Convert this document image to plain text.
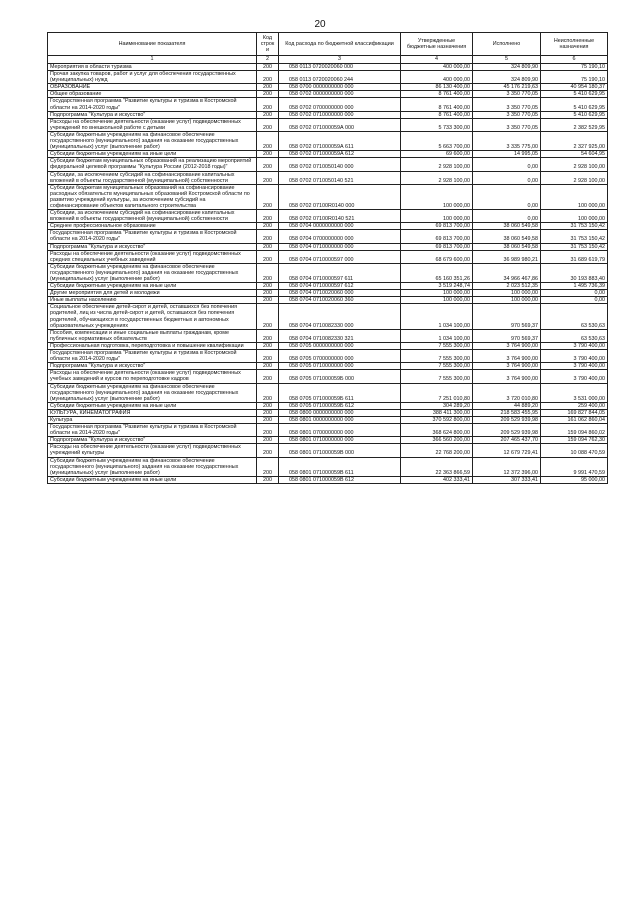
20
Наименование показателя	Код строк и	Код расхода по бюджетной классификации	Утвержденные бюджетные назначения	Исполнено	Неисполненные назначения
1	2	3	4	5	6
Мероприятия в области туризма	200	058 0113 0720020060 000	400 000,00	324 809,90	75 190,10
Прочая закупка товаров, работ и услуг для обеспечения государственных (муниципальных) нужд	200	058 0113 0720020060 244	400 000,00	324 809,90	75 190,10
ОБРАЗОВАНИЕ	200	058 0700 0000000000 000	86 130 400,00	45 176 219,63	40 954 180,37
Общее образование	200	058 0702 0000000000 000	8 761 400,00	3 350 770,05	5 410 629,95
Государственная программа "Развитие культуры и туризма в Костромской области на 2014-2020 годы"	200	058 0702 0700000000 000	8 761 400,00	3 350 770,05	5 410 629,95
Подпрограмма "Культура и искусство"	200	058 0702 0710000000 000	8 761 400,00	3 350 770,05	5 410 629,95
Расходы на обеспечение деятельности (оказание услуг) подведомственных учреждений по внешкольной работе с детьми	200	058 0702 071000059А 000	5 733 300,00	3 350 770,05	2 382 529,95
Субсидии бюджетным учреждениям на финансовое обеспечение государственного (муниципального) задания на оказание государственных (муниципальных) услуг (выполнение работ)	200	058 0702 071000059А 611	5 663 700,00	3 335 775,00	2 327 925,00
Субсидии бюджетным учреждениям на иные цели	200	058 0702 071000059А 612	69 600,00	14 995,05	54 604,95
Субсидии бюджетам муниципальных образований на реализацию мероприятий федеральной целевой программы "Культура России (2012-2018 годы)"	200	058 0702 0710050140 000	2 928 100,00	0,00	2 928 100,00
Субсидии, за исключением субсидий на софинансирование капитальных вложений в объекты государственной (муниципальной) собственности	200	058 0702 0710050140 521	2 928 100,00	0,00	2 928 100,00
Субсидии бюджетам муниципальных образований на софинансирование расходных обязательств муниципальных образований Костромской области по развитию учреждений культуры, за исключением субсидий на софинансирование объектов капитального строительства	200	058 0702 07100R0140 000	100 000,00	0,00	100 000,00
Субсидии, за исключением субсидий на софинансирование капитальных вложений в объекты государственной (муниципальной) собственности	200	058 0702 07100R0140 521	100 000,00	0,00	100 000,00
Среднее профессиональное образование	200	058 0704 0000000000 000	69 813 700,00	38 060 549,58	31 753 150,42
Государственная программа "Развитие культуры и туризма в Костромской области на 2014-2020 годы"	200	058 0704 0700000000 000	69 813 700,00	38 060 549,58	31 753 150,42
Подпрограмма "Культура и искусство"	200	058 0704 0710000000 000	69 813 700,00	38 060 549,58	31 753 150,42
Расходы на обеспечение деятельности (оказание услуг) подведомственных средних специальных учебных заведений	200	058 0704 0710000597 000	68 679 600,00	36 989 980,21	31 689 619,79
Субсидии бюджетным учреждениям на финансовое обеспечение государственного (муниципального) задания на оказание государственных (муниципальных) услуг (выполнение работ)	200	058 0704 0710000597 611	65 160 351,26	34 966 467,86	30 193 883,40
Субсидии бюджетным учреждениям на иные цели	200	058 0704 0710000597 612	3 519 248,74	2 023 512,35	1 495 736,39
Другие мероприятия для детей и молодежи	200	058 0704 0710020060 000	100 000,00	100 000,00	0,00
Иные выплаты населению	200	058 0704 0710020060 360	100 000,00	100 000,00	0,00
Социальное обеспечение детей-сирот и детей, оставшихся без попечения родителей, лиц из числа детей-сирот и детей, оставшихся без попечения родителей, обучающихся в государственных бюджетных и автономных образовательных учреждениях	200	058 0704 0710082330 000	1 034 100,00	970 569,37	63 530,63
Пособия, компенсации и иные социальные выплаты гражданам, кроме публичных нормативных обязательств	200	058 0704 0710082330 321	1 034 100,00	970 569,37	63 530,63
Профессиональная подготовка, переподготовка и повышение квалификации	200	058 0705 0000000000 000	7 555 300,00	3 764 900,00	3 790 400,00
Государственная программа "Развитие культуры и туризма в Костромской области на 2014-2020 годы"	200	058 0705 0700000000 000	7 555 300,00	3 764 900,00	3 790 400,00
Подпрограмма "Культура и искусство"	200	058 0705 0710000000 000	7 555 300,00	3 764 900,00	3 790 400,00
Расходы на обеспечение деятельности (оказание услуг) подведомственных учебных заведений и курсов по переподготовке кадров	200	058 0705 071000059Б 000	7 555 300,00	3 764 900,00	3 790 400,00
Субсидии бюджетным учреждениям на финансовое обеспечение государственного (муниципального) задания на оказание государственных (муниципальных) услуг (выполнение работ)	200	058 0705 071000059Б 611	7 251 010,80	3 720 010,80	3 531 000,00
Субсидии бюджетным учреждениям на иные цели	200	058 0705 071000059Б 612	304 289,20	44 889,20	259 400,00
КУЛЬТУРА, КИНЕМАТОГРАФИЯ	200	058 0800 0000000000 000	388 411 300,00	218 583 455,95	169 827 844,05
Культура	200	058 0801 0000000000 000	370 592 800,00	209 529 939,98	161 062 860,04
Государственная программа "Развитие культуры и туризма в Костромской области на 2014-2020 годы"	200	058 0801 0700000000 000	368 624 800,00	209 529 939,98	159 094 860,02
Подпрограмма "Культура и искусство"	200	058 0801 0710000000 000	366 560 200,00	207 465 437,70	159 094 762,30
Расходы на обеспечение деятельности (оказание услуг) подведомственных учреждений культуры	200	058 0801 071000059В 000	22 768 200,00	12 679 729,41	10 088 470,59
Субсидии бюджетным учреждениям на финансовое обеспечение государственного (муниципального) задания на оказание государственных (муниципальных) услуг (выполнение работ)	200	058 0801 071000059В 611	22 363 866,59	12 372 396,00	9 991 470,59
Субсидии бюджетным учреждениям на иные цели	200	058 0801 071000059В 612	402 333,41	307 333,41	95 000,00
